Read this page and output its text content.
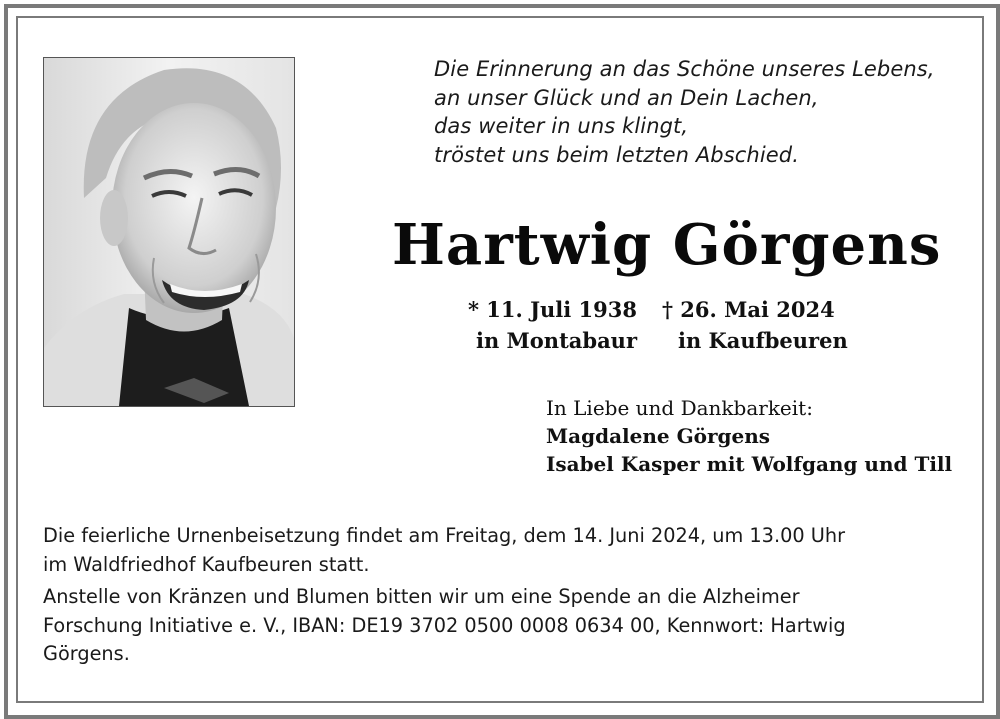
Die Erinnerung an das Schöne unseres Lebens,
an unser Glück und an Dein Lachen,
das weiter in uns klingt,
tröstet uns beim letzten Abschied.
Hartwig Görgens
* 11. Juli 1938
in Montabaur
† 26. Mai 2024
in Kaufbeuren
In Liebe und Dankbarkeit:
Magdalene Görgens
Isabel Kasper mit Wolfgang und Till
Die feierliche Urnenbeisetzung findet am Freitag, dem 14. Juni 2024, um 13.00 Uhr
im Waldfriedhof Kaufbeuren statt.
Anstelle von Kränzen und Blumen bitten wir um eine Spende an die Alzheimer
Forschung Initiative e. V., IBAN: DE19 3702 0500 0008 0634 00, Kennwort: Hartwig
Görgens.
